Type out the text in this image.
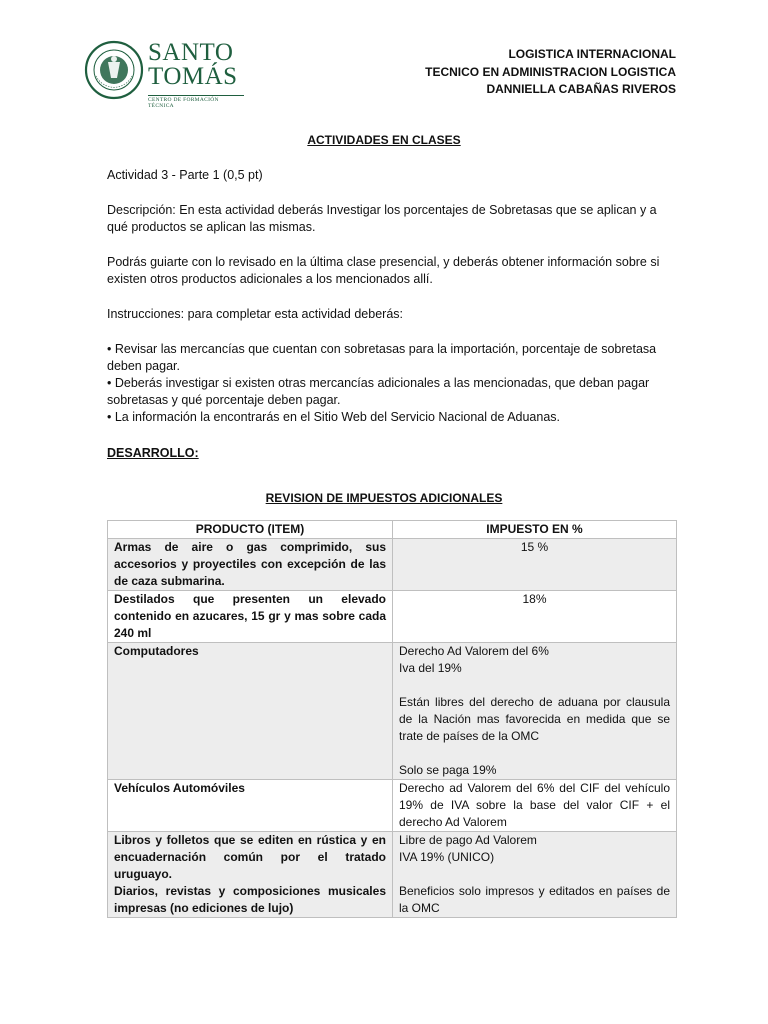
SANTO
TOMÁS
CENTRO DE FORMACIÓN TÉCNICA
LOGISTICA INTERNACIONAL
TECNICO EN ADMINISTRACION LOGISTICA
DANNIELLA CABAÑAS RIVEROS
ACTIVIDADES EN CLASES
Actividad 3 - Parte 1 (0,5 pt)
Descripción: En esta actividad deberás Investigar los porcentajes de Sobretasas que se aplican y a qué productos se aplican las mismas.
Podrás guiarte con lo revisado en la última clase presencial, y deberás obtener información sobre si existen otros productos adicionales a los mencionados allí.
Instrucciones: para completar esta actividad deberás:
• Revisar las mercancías que cuentan con sobretasas para la importación, porcentaje de sobretasa deben pagar.
• Deberás investigar si existen otras mercancías adicionales a las mencionadas, que deban pagar sobretasas y qué porcentaje deben pagar.
• La información la encontrarás en el Sitio Web del Servicio Nacional de Aduanas.
DESARROLLO:
REVISION DE IMPUESTOS ADICIONALES
PRODUCTO (ITEM)	IMPUESTO EN %

Armas de aire o gas comprimido, sus accesorios y proyectiles con excepción de las de caza submarina.	15 %

Destilados que presenten un elevado contenido en azucares, 15 gr y mas sobre cada 240 ml	18%

Computadores	Derecho Ad Valorem del 6%
Iva del 19%

Están libres del derecho de aduana por clausula de la Nación mas favorecida en medida que se trate de países de la OMC

Solo se paga 19%

Vehículos Automóviles	Derecho ad Valorem del 6% del CIF del vehículo 19% de IVA sobre la base del valor CIF + el derecho Ad Valorem

Libros y folletos que se editen en rústica y en encuadernación común por el tratado uruguayo.
Diarios, revistas y composiciones musicales impresas (no ediciones de lujo)	Libre de pago Ad Valorem
IVA 19% (UNICO)

Beneficios solo impresos y editados en países de la OMC
